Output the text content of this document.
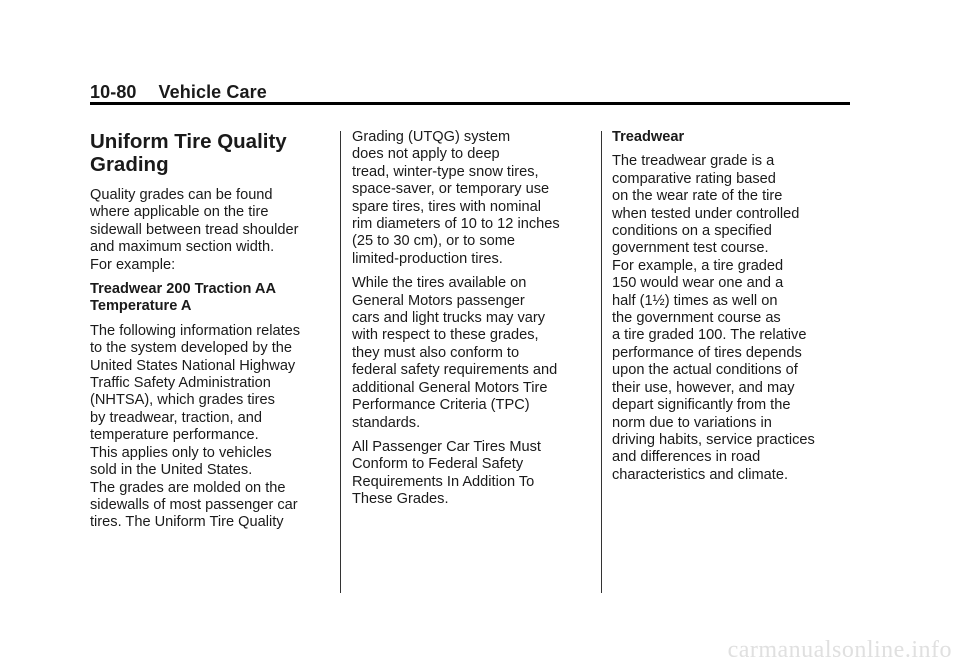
10-80 Vehicle Care
Uniform Tire Quality
Grading

Quality grades can be found
where applicable on the tire
sidewall between tread shoulder
and maximum section width.
For example:

Treadwear 200 Traction AA
Temperature A

The following information relates
to the system developed by the
United States National Highway
Traffic Safety Administration
(NHTSA), which grades tires
by treadwear, traction, and
temperature performance.
This applies only to vehicles
sold in the United States.
The grades are molded on the
sidewalls of most passenger car
tires. The Uniform Tire Quality

Grading (UTQG) system
does not apply to deep
tread, winter-type snow tires,
space-saver, or temporary use
spare tires, tires with nominal
rim diameters of 10 to 12 inches
(25 to 30 cm), or to some
limited-production tires.

While the tires available on
General Motors passenger
cars and light trucks may vary
with respect to these grades,
they must also conform to
federal safety requirements and
additional General Motors Tire
Performance Criteria (TPC)
standards.

All Passenger Car Tires Must
Conform to Federal Safety
Requirements In Addition To
These Grades.

Treadwear

The treadwear grade is a
comparative rating based
on the wear rate of the tire
when tested under controlled
conditions on a specified
government test course.
For example, a tire graded
150 would wear one and a
half (1½) times as well on
the government course as
a tire graded 100. The relative
performance of tires depends
upon the actual conditions of
their use, however, and may
depart significantly from the
norm due to variations in
driving habits, service practices
and differences in road
characteristics and climate.

carmanualsonline.info
